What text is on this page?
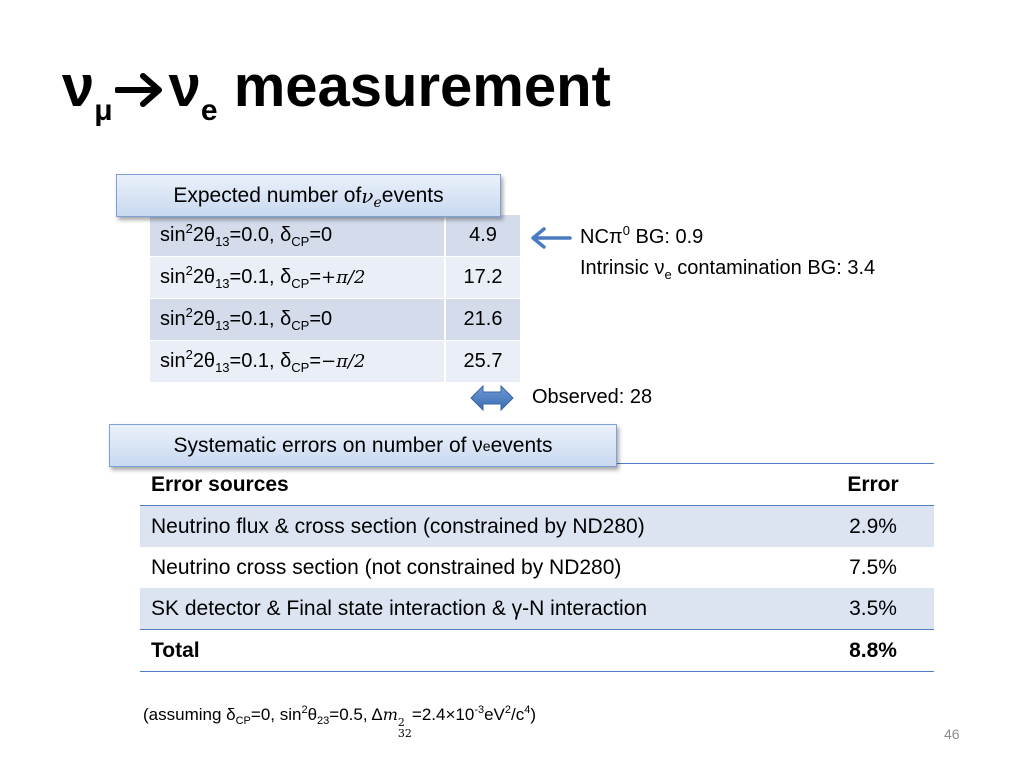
$\nu_\mu$ $\nu_e$ measurement
Expected number of $\nu_e$ events
$\sin^22\theta_{13}=0.0$, $\delta_{CP}=0$	4.9
$\sin^22\theta_{13}=0.1$, $\delta_{CP}=+\pi/2$	17.2
$\sin^22\theta_{13}=0.1$, $\delta_{CP}=0$	21.6
$\sin^22\theta_{13}=0.1$, $\delta_{CP}=-\pi/2$	25.7
NCπ$^0$ BG: 0.9
Intrinsic $\nu_e$ contamination BG: 3.4
Observed: 28
Systematic errors on number of ν e events
Error sources	Error
Neutrino flux & cross section (constrained by ND280)	2.9%
Neutrino cross section (not constrained by ND280)	7.5%
SK detector & Final state interaction & γ-N interaction	3.5%
Total	8.8%
(assuming $\delta_{CP}=0$, $\sin^2\theta_{23}=0.5$, Δm 2
32
$=2.4\times 10^{-3}eV^2/c^4$)
46
